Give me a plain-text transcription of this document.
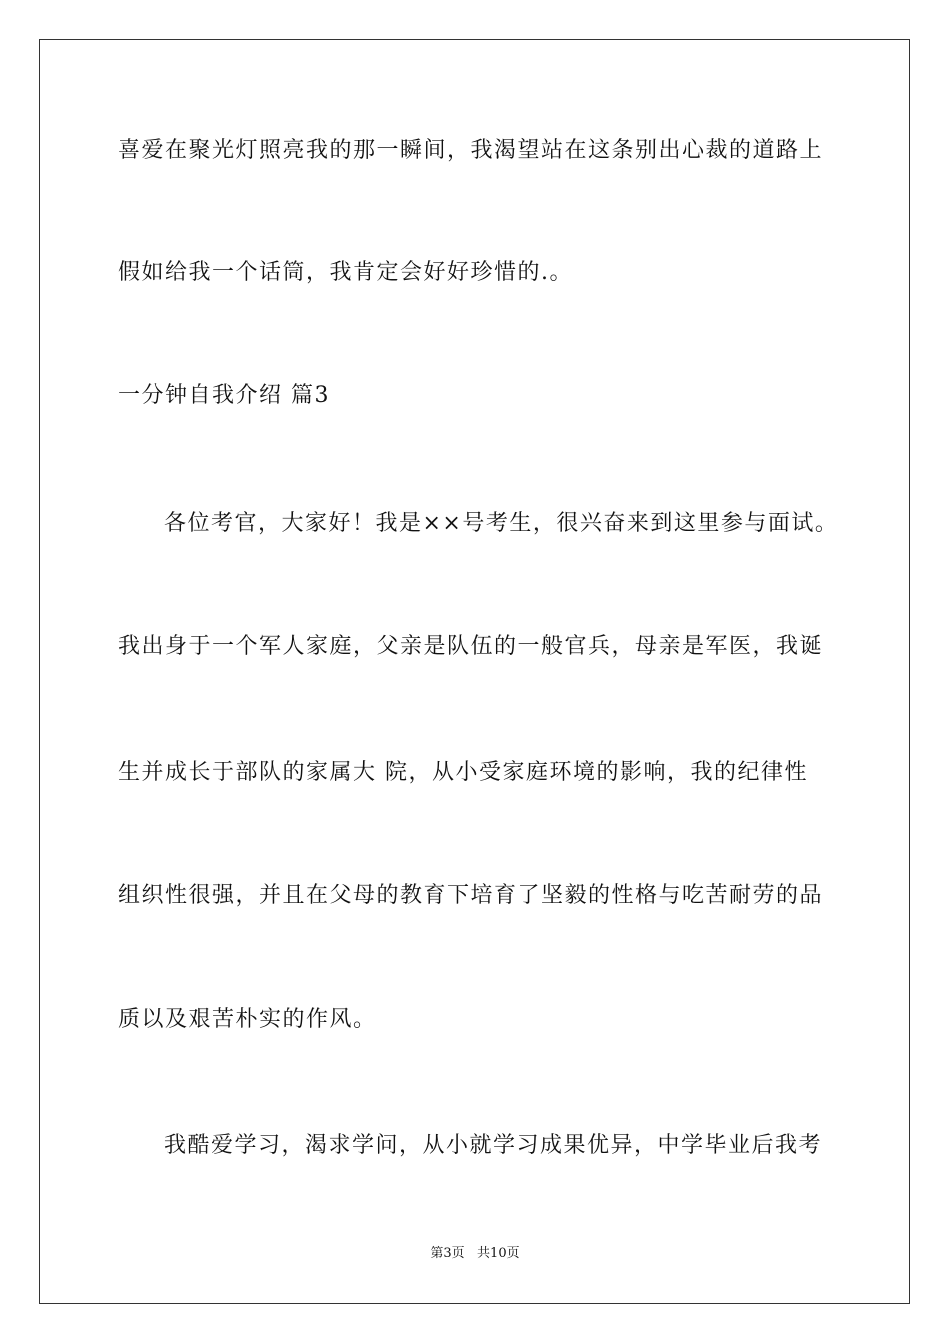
喜爱在聚光灯照亮我的那一瞬间，我渴望站在这条别出心裁的道路上
假如给我一个话筒，我肯定会好好珍惜的.。
一分钟自我介绍 篇3
各位考官，大家好！我是××号考生，很兴奋来到这里参与面试。
我出身于一个军人家庭，父亲是队伍的一般官兵，母亲是军医，我诞
生并成长于部队的家属大 院，从小受家庭环境的影响，我的纪律性
组织性很强，并且在父母的教育下培育了坚毅的性格与吃苦耐劳的品
质以及艰苦朴实的作风。
我酷爱学习，渴求学问，从小就学习成果优异，中学毕业后我考
第3页   共10页
